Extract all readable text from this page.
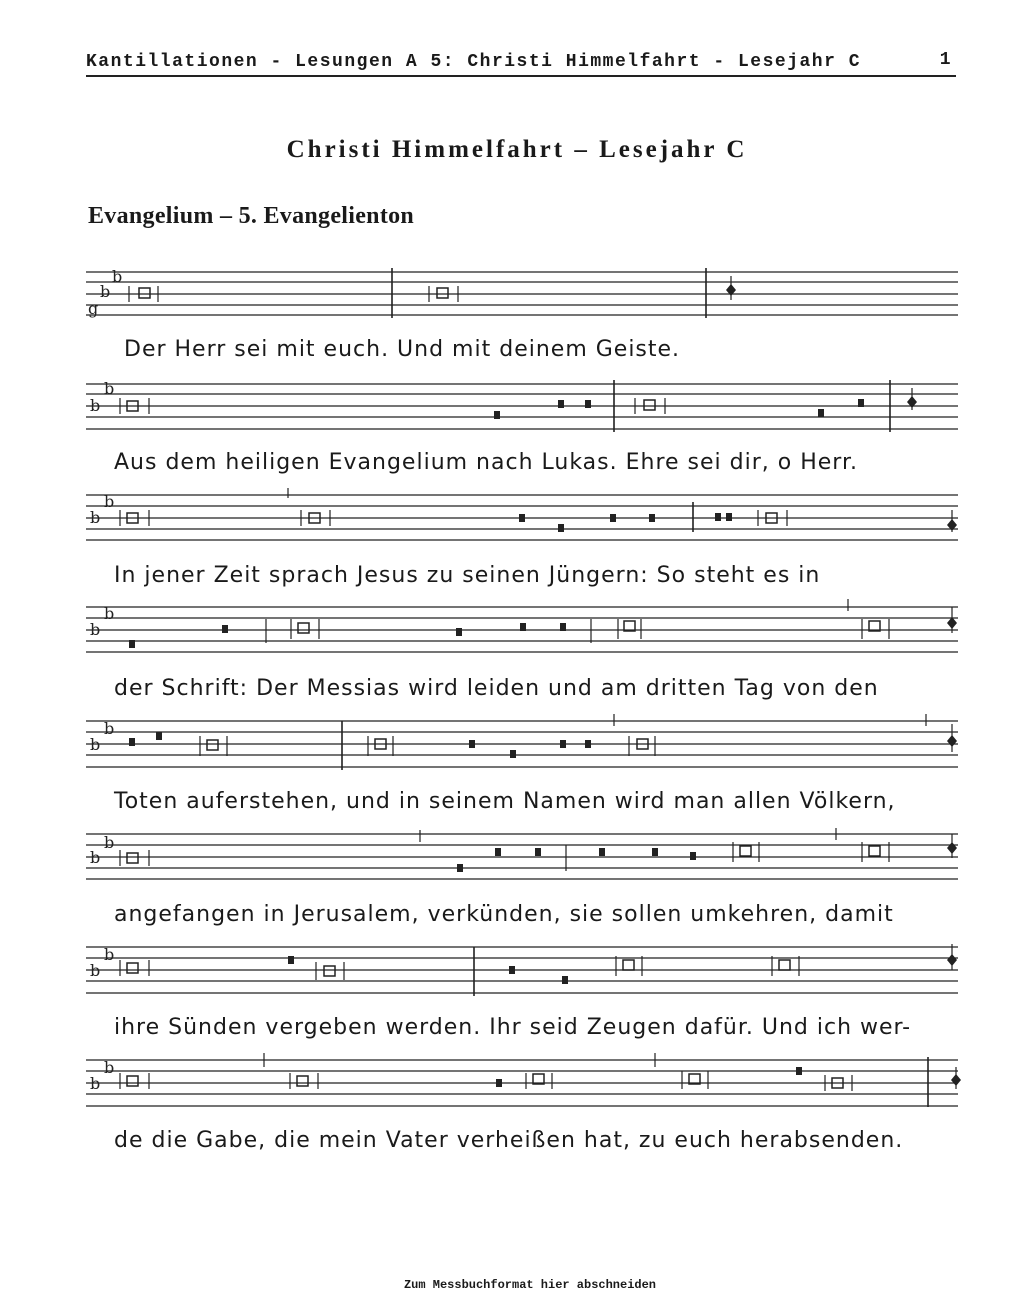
Kantillationen - Lesungen A 5: Christi Himmelfahrt - Lesejahr C	1
Christi Himmelfahrt – Lesejahr C
Evangelium – 5. Evangelienton
b
b
g
Der Herr sei mit euch. Und mit deinem Geiste.
b
b
Aus dem heiligen Evangelium nach Lukas. Ehre sei dir, o Herr.
b
b
In jener Zeit sprach Jesus zu seinen Jüngern: So steht es in
b
b
der Schrift: Der Messias wird leiden und am dritten Tag von den
b
b
Toten auferstehen, und in seinem Namen wird man allen Völkern,
b
b
angefangen in Jerusalem, verkünden, sie sollen umkehren, damit
b
b
ihre Sünden vergeben werden. Ihr seid Zeugen dafür. Und ich wer-
b
b
de die Gabe, die mein Vater verheißen hat, zu euch herabsenden.
Zum Messbuchformat hier abschneiden
